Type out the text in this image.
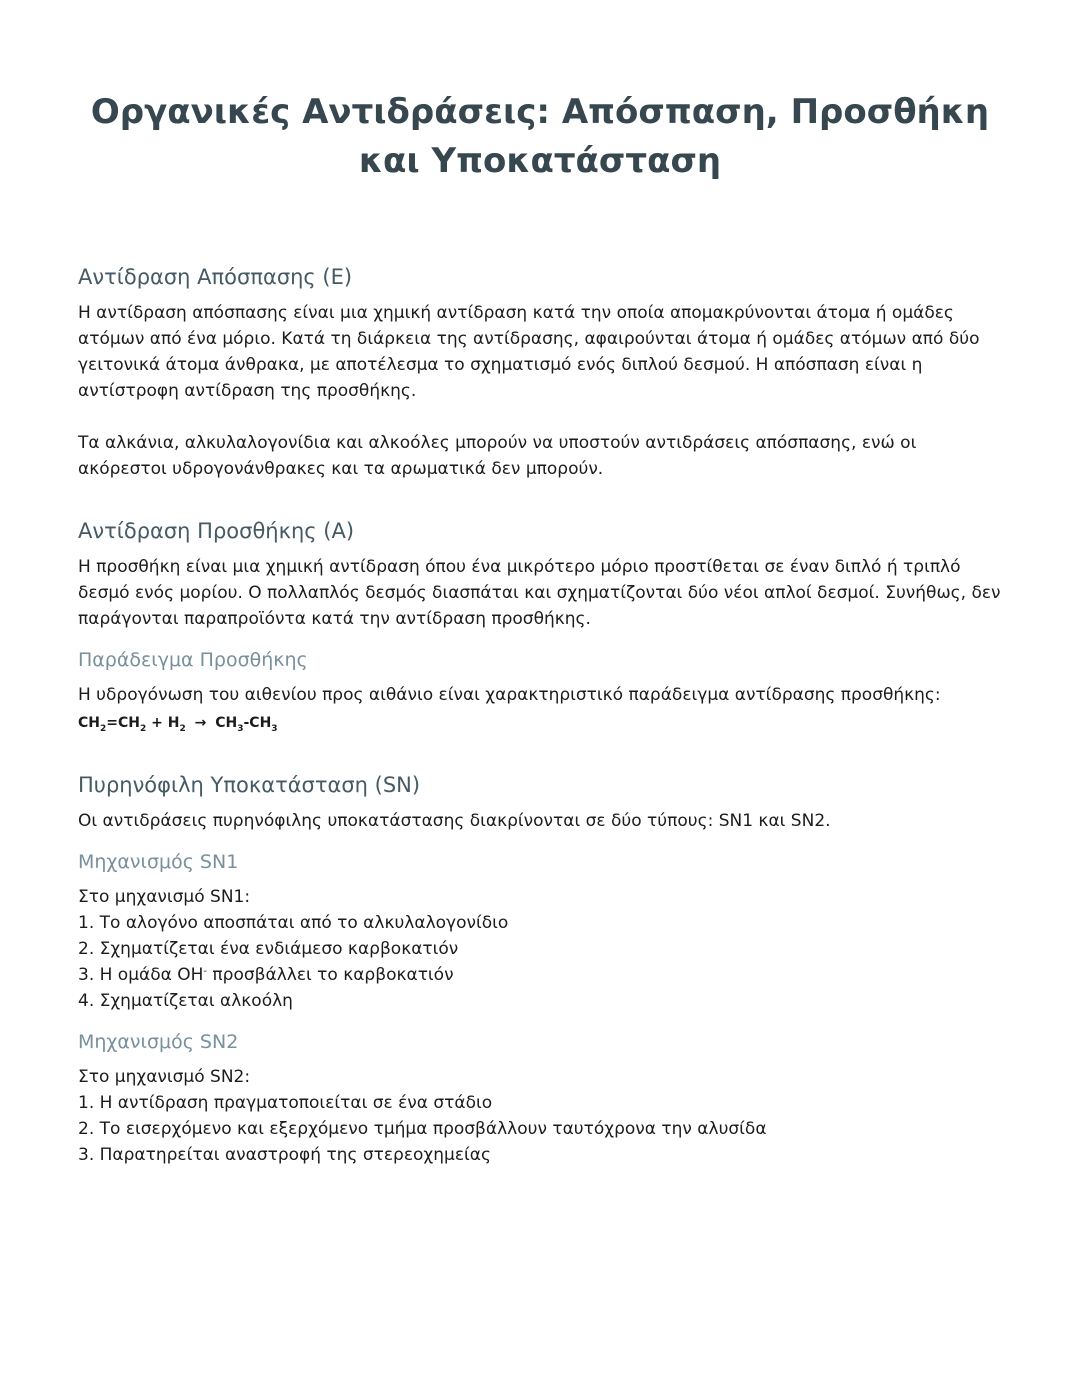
Οργανικές Αντιδράσεις: Απόσπαση, Προσθήκη και Υποκατάσταση
Αντίδραση Απόσπασης (E)

Η αντίδραση απόσπασης είναι μια χημική αντίδραση κατά την οποία απομακρύνονται άτομα ή ομάδες ατόμων από ένα μόριο. Κατά τη διάρκεια της αντίδρασης, αφαιρούνται άτομα ή ομάδες ατόμων από δύο γειτονικά άτομα άνθρακα, με αποτέλεσμα το σχηματισμό ενός διπλού δεσμού. Η απόσπαση είναι η αντίστροφη αντίδραση της προσθήκης.

Τα αλκάνια, αλκυλαλογονίδια και αλκοόλες μπορούν να υποστούν αντιδράσεις απόσπασης, ενώ οι ακόρεστοι υδρογονάνθρακες και τα αρωματικά δεν μπορούν.

Αντίδραση Προσθήκης (A)

Η προσθήκη είναι μια χημική αντίδραση όπου ένα μικρότερο μόριο προστίθεται σε έναν διπλό ή τριπλό δεσμό ενός μορίου. Ο πολλαπλός δεσμός διασπάται και σχηματίζονται δύο νέοι απλοί δεσμοί. Συνήθως, δεν παράγονται παραπροϊόντα κατά την αντίδραση προσθήκης.

Παράδειγμα Προσθήκης

Η υδρογόνωση του αιθενίου προς αιθάνιο είναι χαρακτηριστικό παράδειγμα αντίδρασης προσθήκης:

$CH_2=CH_2 + H_2 \to CH_3-CH_3$
Πυρηνόφιλη Υποκατάσταση (SN)

Οι αντιδράσεις πυρηνόφιλης υποκατάστασης διακρίνονται σε δύο τύπους: SN1 και SN2.

Μηχανισμός SN1
Στο μηχανισμό SN1:
1. Το αλογόνο αποσπάται από το αλκυλαλογονίδιο
2. Σχηματίζεται ένα ενδιάμεσο καρβοκατιόν
3. Η ομάδα OH- προσβάλλει το καρβοκατιόν
4. Σχηματίζεται αλκοόλη
Μηχανισμός SN2
Στο μηχανισμό SN2:
1. Η αντίδραση πραγματοποιείται σε ένα στάδιο
2. Το εισερχόμενο και εξερχόμενο τμήμα προσβάλλουν ταυτόχρονα την αλυσίδα
3. Παρατηρείται αναστροφή της στερεοχημείας
